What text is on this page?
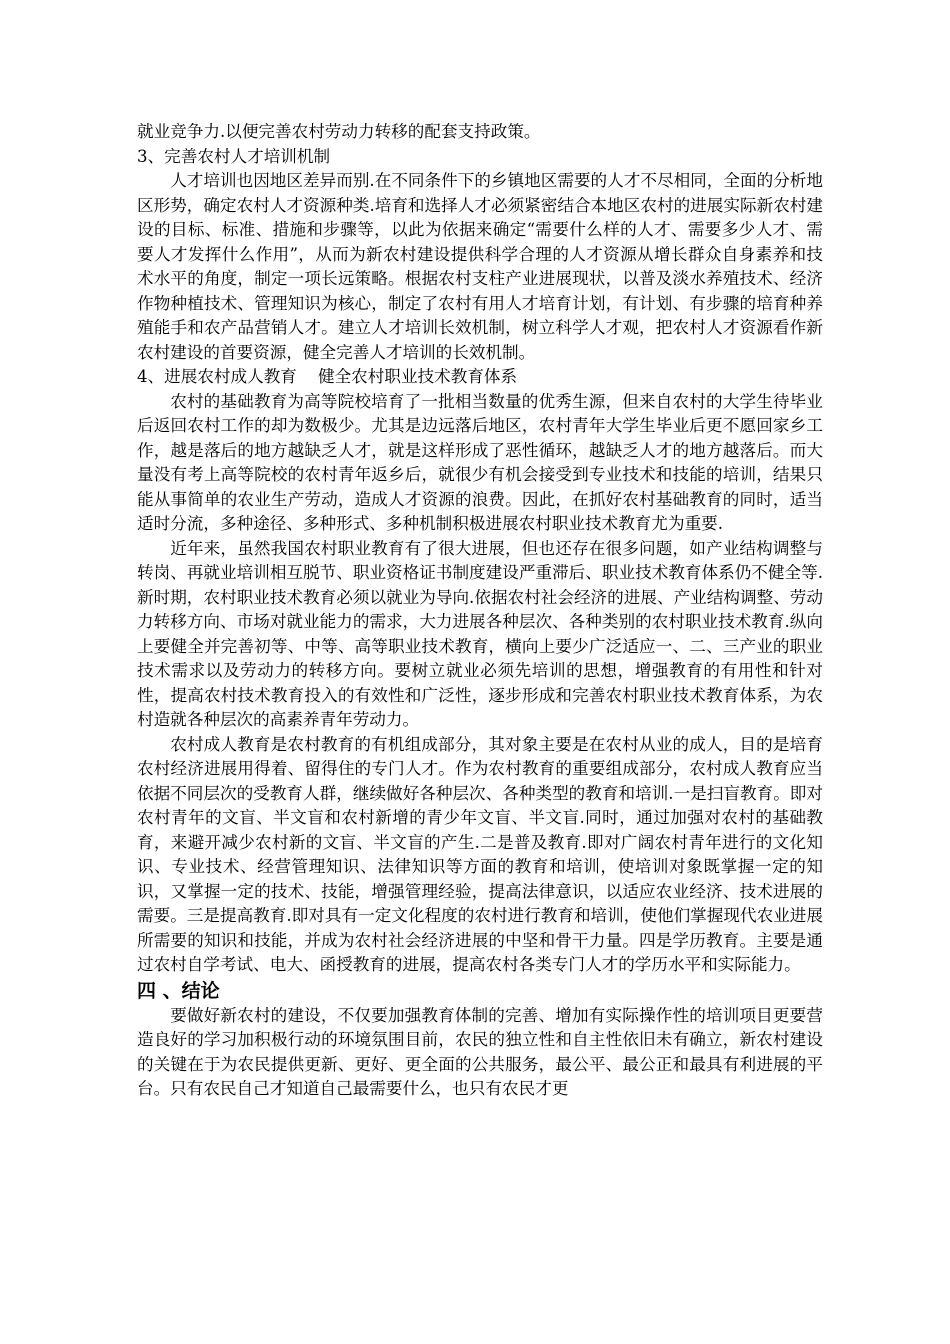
就业竞争力.以便完善农村劳动力转移的配套支持政策。

3、完善农村人才培训机制

人才培训也因地区差异而别.在不同条件下的乡镇地区需要的人才不尽相同，全面的分析地区形势，确定农村人才资源种类.培育和选择人才必须紧密结合本地区农村的进展实际新农村建设的目标、标准、措施和步骤等，以此为依据来确定“需要什么样的人才、需要多少人才、需要人才发挥什么作用”，从而为新农村建设提供科学合理的人才资源从增长群众自身素养和技术水平的角度，制定一项长远策略。根据农村支柱产业进展现状，以普及淡水养殖技术、经济作物种植技术、管理知识为核心，制定了农村有用人才培育计划，有计划、有步骤的培育种养殖能手和农产品营销人才。建立人才培训长效机制，树立科学人才观，把农村人才资源看作新农村建设的首要资源，健全完善人才培训的长效机制。

4、进展农村成人教育    健全农村职业技术教育体系

农村的基础教育为高等院校培育了一批相当数量的优秀生源，但来自农村的大学生待毕业后返回农村工作的却为数极少。尤其是边远落后地区，农村青年大学生毕业后更不愿回家乡工作，越是落后的地方越缺乏人才，就是这样形成了恶性循环，越缺乏人才的地方越落后。而大量没有考上高等院校的农村青年返乡后，就很少有机会接受到专业技术和技能的培训，结果只能从事简单的农业生产劳动，造成人才资源的浪费。因此，在抓好农村基础教育的同时，适当适时分流，多种途径、多种形式、多种机制积极进展农村职业技术教育尤为重要.

近年来，虽然我国农村职业教育有了很大进展，但也还存在很多问题，如产业结构调整与转岗、再就业培训相互脱节、职业资格证书制度建设严重滞后、职业技术教育体系仍不健全等.新时期，农村职业技术教育必须以就业为导向.依据农村社会经济的进展、产业结构调整、劳动力转移方向、市场对就业能力的需求，大力进展各种层次、各种类别的农村职业技术教育.纵向上要健全并完善初等、中等、高等职业技术教育，横向上要少广泛适应一、二、三产业的职业技术需求以及劳动力的转移方向。要树立就业必须先培训的思想，增强教育的有用性和针对性，提高农村技术教育投入的有效性和广泛性，逐步形成和完善农村职业技术教育体系，为农村造就各种层次的高素养青年劳动力。

农村成人教育是农村教育的有机组成部分，其对象主要是在农村从业的成人，目的是培育农村经济进展用得着、留得住的专门人才。作为农村教育的重要组成部分，农村成人教育应当依据不同层次的受教育人群，继续做好各种层次、各种类型的教育和培训.一是扫盲教育。即对农村青年的文盲、半文盲和农村新增的青少年文盲、半文盲.同时，通过加强对农村的基础教育，来避开减少农村新的文盲、半文盲的产生.二是普及教育.即对广阔农村青年进行的文化知识、专业技术、经营管理知识、法律知识等方面的教育和培训，使培训对象既掌握一定的知识，又掌握一定的技术、技能，增强管理经验，提高法律意识，以适应农业经济、技术进展的需要。三是提高教育.即对具有一定文化程度的农村进行教育和培训，使他们掌握现代农业进展所需要的知识和技能，并成为农村社会经济进展的中坚和骨干力量。四是学历教育。主要是通过农村自学考试、电大、函授教育的进展，提高农村各类专门人才的学历水平和实际能力。

四 、结论

要做好新农村的建设，不仅要加强教育体制的完善、增加有实际操作性的培训项目更要营造良好的学习加积极行动的环境氛围目前，农民的独立性和自主性依旧未有确立，新农村建设的关键在于为农民提供更新、更好、更全面的公共服务，最公平、最公正和最具有利进展的平台。只有农民自己才知道自己最需要什么，也只有农民才更
